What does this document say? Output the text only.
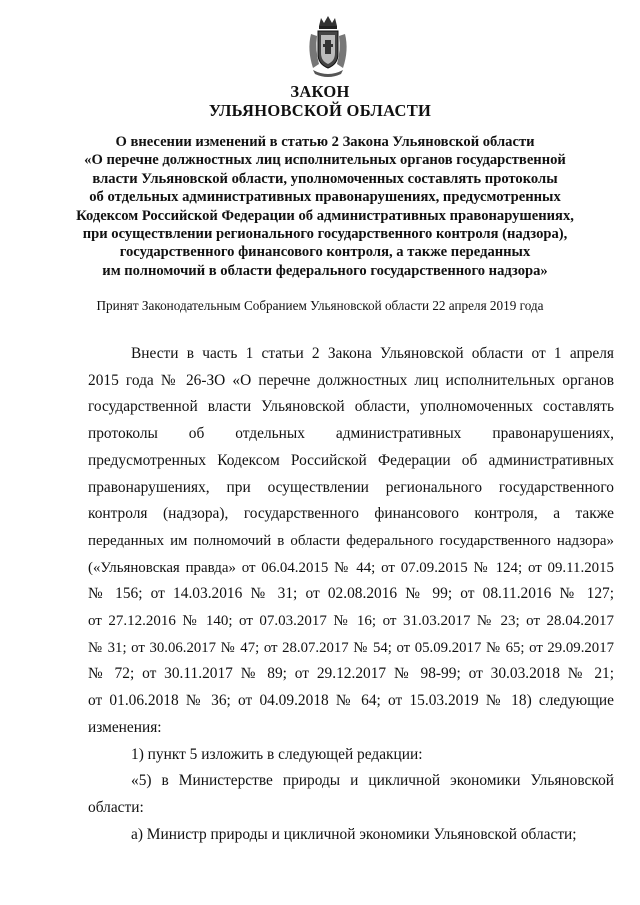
ЗАКОН
УЛЬЯНОВСКОЙ ОБЛАСТИ
О внесении изменений в статью 2 Закона Ульяновской области
«О перечне должностных лиц исполнительных органов государственной
власти Ульяновской области, уполномоченных составлять протоколы
об отдельных административных правонарушениях, предусмотренных
Кодексом Российской Федерации об административных правонарушениях,
при осуществлении регионального государственного контроля (надзора),
государственного финансового контроля, а также переданных
им полномочий в области федерального государственного надзора»
Принят Законодательным Собранием Ульяновской области 22 апреля 2019 года
Внести в часть 1 статьи 2 Закона Ульяновской области от 1 апреля
2015 года № 26-ЗО «О перечне должностных лиц исполнительных органов
государственной власти Ульяновской области, уполномоченных составлять
протоколы об отдельных административных правонарушениях,
предусмотренных Кодексом Российской Федерации об административных
правонарушениях, при осуществлении регионального государственного
контроля (надзора), государственного финансового контроля, а также
переданных им полномочий в области федерального государственного надзора»
(«Ульяновская правда» от 06.04.2015 № 44; от 07.09.2015 № 124; от 09.11.2015
№ 156; от 14.03.2016 № 31; от 02.08.2016 № 99; от 08.11.2016 № 127;
от 27.12.2016 № 140; от 07.03.2017 № 16; от 31.03.2017 № 23; от 28.04.2017
№ 31; от 30.06.2017 № 47; от 28.07.2017 № 54; от 05.09.2017 № 65; от 29.09.2017
№ 72; от 30.11.2017 № 89; от 29.12.2017 № 98-99; от 30.03.2018 № 21;
от 01.06.2018 № 36; от 04.09.2018 № 64; от 15.03.2019 № 18) следующие
изменения:
1) пункт 5 изложить в следующей редакции:
«5) в Министерстве природы и цикличной экономики Ульяновской
области:
а) Министр природы и цикличной экономики Ульяновской области;
